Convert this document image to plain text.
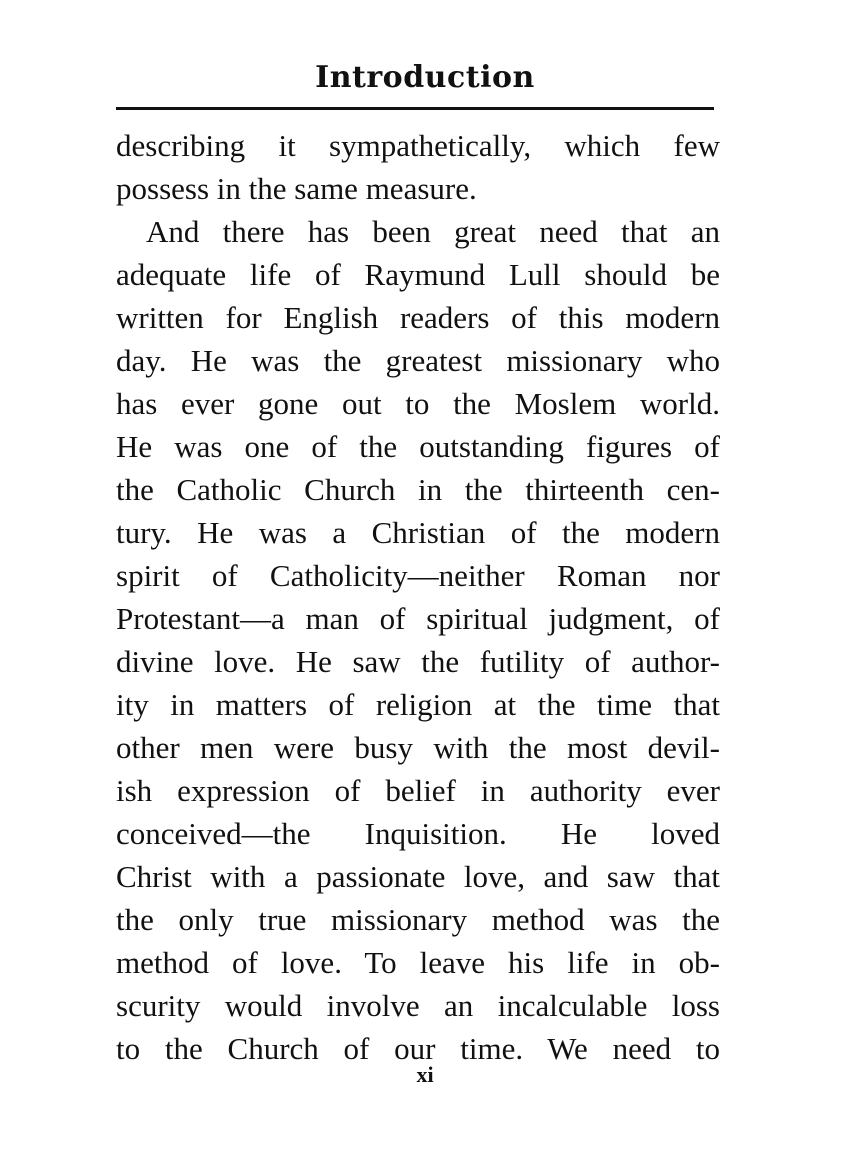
Introduction
describing it sympathetically, which few
possess in the same measure.
And there has been great need that an
adequate life of Raymund Lull should be
written for English readers of this modern
day. He was the greatest missionary who
has ever gone out to the Moslem world.
He was one of the outstanding figures of
the Catholic Church in the thirteenth cen-
tury. He was a Christian of the modern
spirit of Catholicity—neither Roman nor
Protestant—a man of spiritual judgment, of
divine love. He saw the futility of author-
ity in matters of religion at the time that
other men were busy with the most devil-
ish expression of belief in authority ever
conceived—the Inquisition. He loved
Christ with a passionate love, and saw that
the only true missionary method was the
method of love. To leave his life in ob-
scurity would involve an incalculable loss
to the Church of our time. We need to
xi
